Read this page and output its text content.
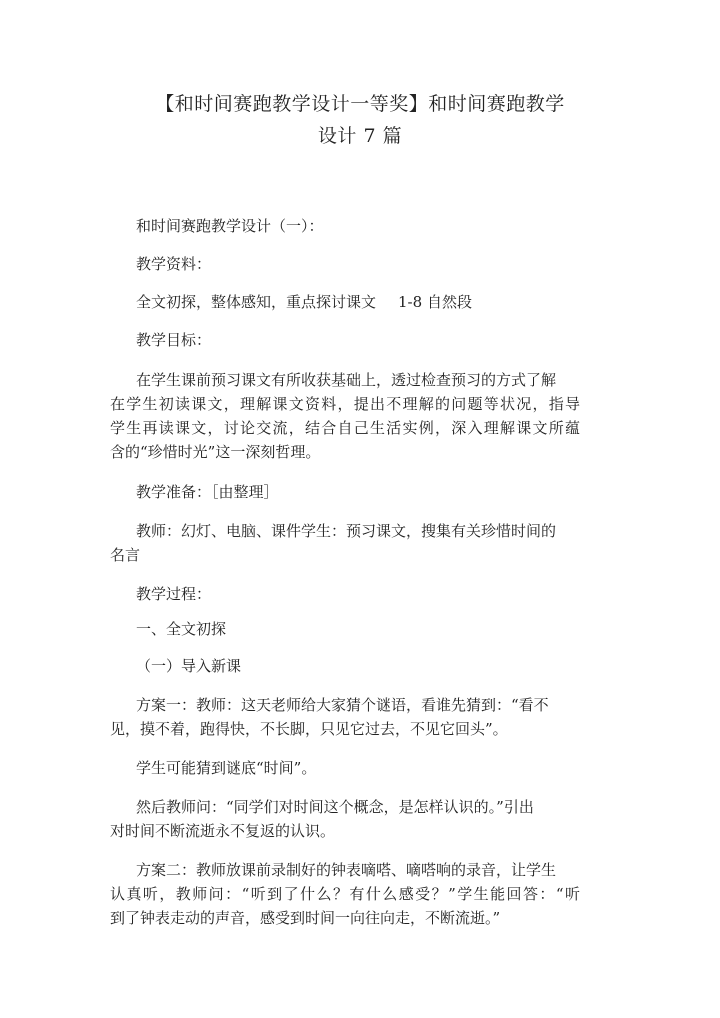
【和时间赛跑教学设计一等奖】和时间赛跑教学
设计 7 篇

和时间赛跑教学设计（一）：

教学资料：

全文初探，整体感知，重点探讨课文 1-8 自然段

教学目标：

在学生课前预习课文有所收获基础上，透过检查预习的方式了解

在学生初读课文，理解课文资料，提出不理解的问题等状况，指导

学生再读课文，讨论交流，结合自己生活实例，深入理解课文所蕴

含的“珍惜时光”这一深刻哲理。

教学准备：［由整理］

教师：幻灯、电脑、课件学生：预习课文，搜集有关珍惜时间的

名言

教学过程：

一、全文初探

（一）导入新课

方案一：教师：这天老师给大家猜个谜语，看谁先猜到：“看不

见，摸不着，跑得快，不长脚，只见它过去，不见它回头”。

学生可能猜到谜底“时间”。

然后教师问：“同学们对时间这个概念，是怎样认识的。”引出

对时间不断流逝永不复返的认识。

方案二：教师放课前录制好的钟表嘀嗒、嘀嗒响的录音，让学生

认真听，教师问：“听到了什么？有什么感受？”学生能回答：“听

到了钟表走动的声音，感受到时间一向往向走，不断流逝。”
